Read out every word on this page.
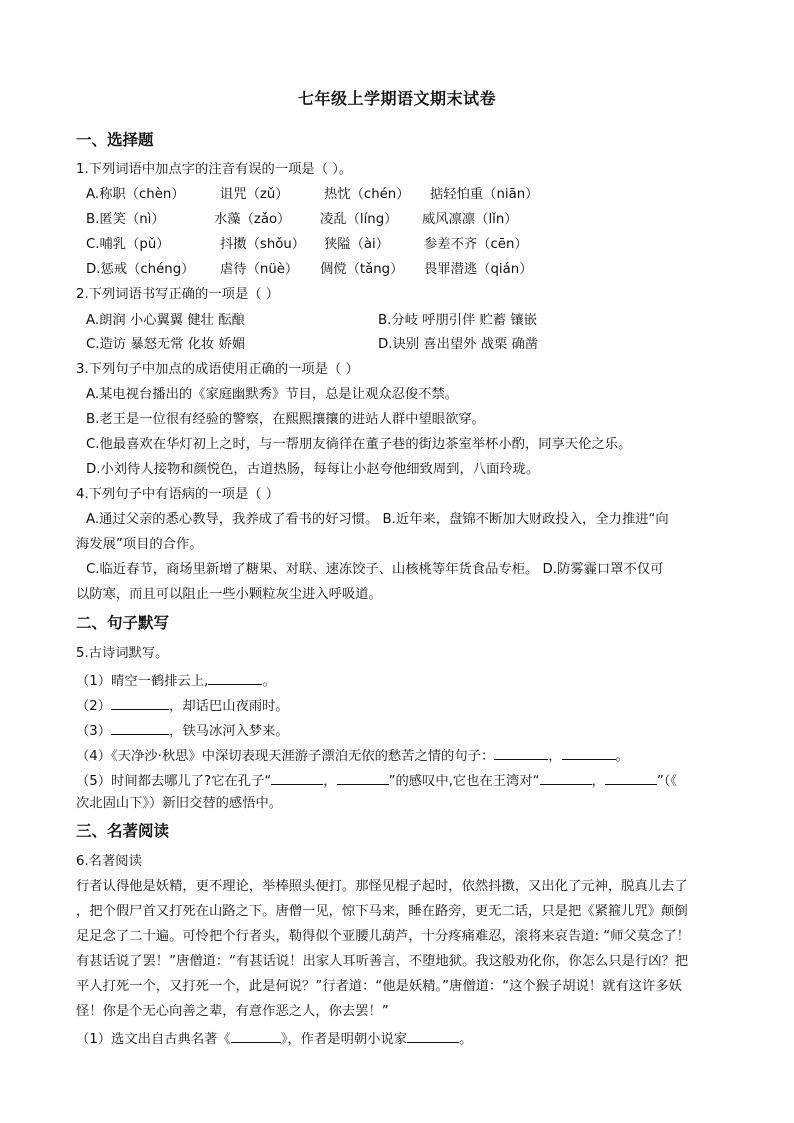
七年级上学期语文期末试卷
一、选择题
1.下列词语中加点字的注音有误的一项是（ ）。
A.称职（chèn）	诅咒（zǔ）	热忱（chén） 掂轻怕重（niān）
B.匿笑（nì）	水藻（zǎo） 凌乱（líng） 威风凛凛（lǐn）
C.哺乳（pǔ）	抖擞（shǒu） 狭隘（ài）	参差不齐（cēn）
D.惩戒（chéng） 虐待（nüè） 倜傥（tǎng） 畏罪潜逃（qián）
2.下列词语书写正确的一项是（ ）
A.朗润 小心翼翼 健壮 酝酿	B.分岐 呼朋引伴 贮蓄 镶嵌
C.造访 暴怒无常 化妆 娇媚	D.诀别 喜出望外 战栗 确凿
3.下列句子中加点的成语使用正确的一项是（ ）
A.某电视台播出的《家庭幽默秀》节目，总是让观众忍俊不禁。
B.老王是一位很有经验的警察，在熙熙攘攘的进站人群中望眼欲穿。
C.他最喜欢在华灯初上之时，与一帮朋友徜徉在董子巷的街边茶室举杯小酌，同享天伦之乐。
D.小刘待人接物和颜悦色，古道热肠，每每让小赵夸他细致周到，八面玲珑。
4.下列句子中有语病的一项是（ ）
A.通过父亲的悉心教导，我养成了看书的好习惯。 B.近年来，盘锦不断加大财政投入，全力推进“向
海发展”项目的合作。
C.临近春节，商场里新增了糖果、对联、速冻饺子、山核桃等年货食品专柜。 D.防雾霾口罩不仅可
以防寒，而且可以阻止一些小颗粒灰尘进入呼吸道。
二、句子默写
5.古诗词默写。
（1）晴空一鹤排云上,	。
（2）	，却话巴山夜雨时。
（3）	，铁马冰河入梦来。
（4）《天净沙·秋思》中深切表现天涯游子漂泊无依的愁苦之情的句子：	，	。
（5）时间都去哪儿了?它在孔子“	，	”的感叹中,它也在王湾对“	，	”（《
次北固山下》）新旧交替的感悟中。
三、名著阅读
6.名著阅读
行者认得他是妖精，更不理论，举棒照头便打。那怪见棍子起时，依然抖擞，又出化了元神，脱真儿去了
，把个假尸首又打死在山路之下。唐僧一见，惊下马来，睡在路旁，更无二话，只是把《紧箍儿咒》颠倒
足足念了二十遍。可怜把个行者头，勒得似个亚腰儿葫芦，十分疼痛难忍，滚将来哀告道: “师父莫念了！
有甚话说了罢！”唐僧道：“有甚话说！出家人耳听善言，不堕地狱。我这般劝化你，你怎么只是行凶？把
平人打死一个，又打死一个，此是何说？”行者道：“他是妖精。”唐僧道：“这个猴子胡说！就有这许多妖
怪！你是个无心向善之辈，有意作恶之人，你去罢！”
（1）选文出自古典名著《	》，作者是明朝小说家	。
